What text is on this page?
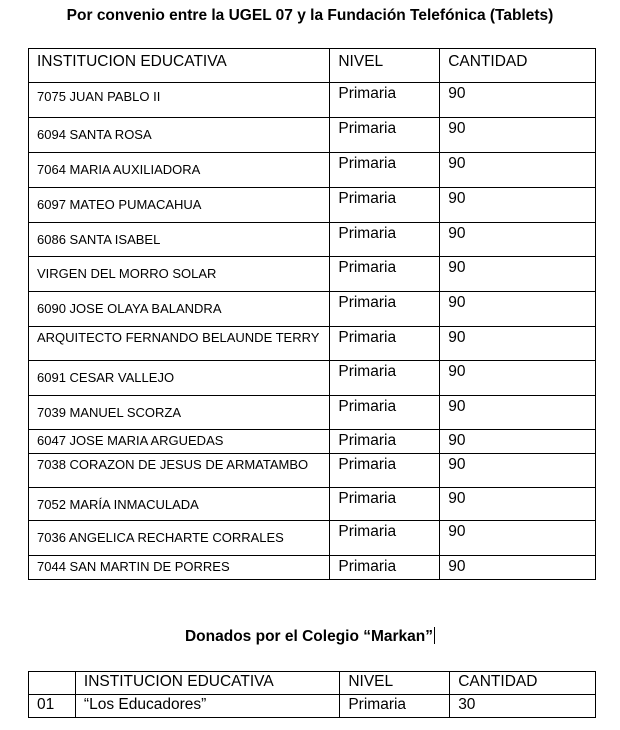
Por convenio entre la UGEL 07 y la Fundación Telefónica (Tablets)
INSTITUCION EDUCATIVA	NIVEL	CANTIDAD
7075 JUAN PABLO II	Primaria	90
6094 SANTA ROSA	Primaria	90
7064 MARIA AUXILIADORA	Primaria	90
6097 MATEO PUMACAHUA	Primaria	90
6086 SANTA ISABEL	Primaria	90
VIRGEN DEL MORRO SOLAR	Primaria	90
6090 JOSE OLAYA BALANDRA	Primaria	90
ARQUITECTO FERNANDO BELAUNDE TERRY	Primaria	90
6091 CESAR VALLEJO	Primaria	90
7039 MANUEL SCORZA	Primaria	90
6047 JOSE MARIA ARGUEDAS	Primaria	90
7038 CORAZON DE JESUS DE ARMATAMBO	Primaria	90
7052 MARÍA INMACULADA	Primaria	90
7036 ANGELICA RECHARTE CORRALES	Primaria	90
7044 SAN MARTIN DE PORRES	Primaria	90
Donados por el Colegio “Markan”
	INSTITUCION EDUCATIVA	NIVEL	CANTIDAD
01	“Los Educadores”	Primaria	30
